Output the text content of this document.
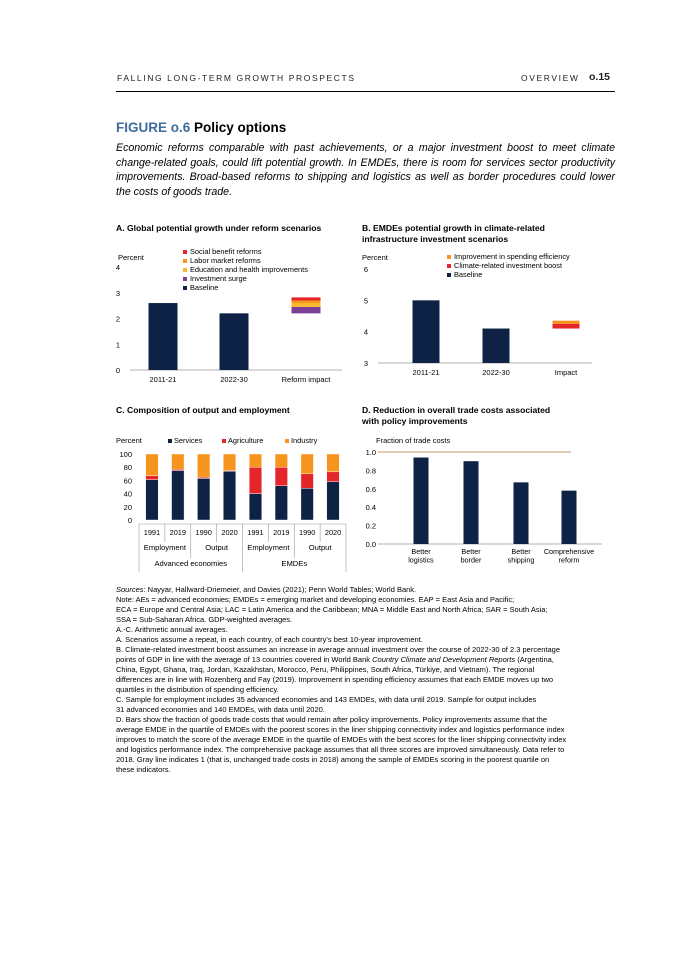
FALLING LONG-TERM GROWTH PROSPECTS	OVERVIEW o.15
FIGURE o.6 Policy options
Economic reforms comparable with past achievements, or a major investment boost to meet climate change-related goals, could lift potential growth. In EMDEs, there is room for services sector productivity improvements. Broad-based reforms to shipping and logistics as well as border procedures could lower the costs of goods trade.
A. Global potential growth under reform scenarios	B. EMDEs potential growth in climate-related
infrastructure investment scenarios
C. Composition of output and employment	D. Reduction in overall trade costs associated
with policy improvements
Percent
0
1
2
3
4
2011-21	2022-30	Reform impact
Social benefit reforms
Labor market reforms
Education and health improvements
Investment surge
Baseline
Percent
3
4
5
6
2011-21	2022-30	Impact
Improvement in spending efficiency
Climate-related investment boost
Baseline
Percent
0
20
40
60
80
100
Services	Agriculture	Industry
1991 2019 1990 2020 1991 2019 1990 2020
Employment	Output	Employment	Output
Advanced economies	EMDEs
Fraction of trade costs
0.0
0.2
0.4
0.6
0.8
1.0
Better
logistics
Better
border
Better
shipping
Comprehensive
reform

Sources: Nayyar, Hallward-Driemeier, and Davies (2021); Penn World Tables; World Bank.

Note: AEs = advanced economies; EMDEs = emerging market and developing economies. EAP = East Asia and Pacific;

ECA = Europe and Central Asia; LAC = Latin America and the Caribbean; MNA = Middle East and North Africa; SAR = South Asia;

SSA = Sub-Saharan Africa. GDP-weighted averages.

A.-C. Arithmetic annual averages.

A. Scenarios assume a repeat, in each country, of each country's best 10-year improvement.

B. Climate-related investment boost assumes an increase in average annual investment over the course of 2022-30 of 2.3 percentage

points of GDP in line with the average of 13 countries covered in World Bank Country Climate and Development Reports (Argentina,

China, Egypt, Ghana, Iraq, Jordan, Kazakhstan, Morocco, Peru, Philippines, South Africa, Türkiye, and Vietnam). The regional

differences are in line with Rozenberg and Fay (2019). Improvement in spending efficiency assumes that each EMDE moves up two

quartiles in the distribution of spending efficiency.

C. Sample for employment includes 35 advanced economies and 143 EMDEs, with data until 2019. Sample for output includes

31 advanced economies and 140 EMDEs, with data until 2020.

D. Bars show the fraction of goods trade costs that would remain after policy improvements. Policy improvements assume that the

average EMDE in the quartile of EMDEs with the poorest scores in the liner shipping connectivity index and logistics performance index

improves to match the score of the average EMDE in the quartile of EMDEs with the best scores for the liner shipping connectivity index

and logistics performance index. The comprehensive package assumes that all three scores are improved simultaneously. Data refer to

2018. Gray line indicates 1 (that is, unchanged trade costs in 2018) among the sample of EMDEs scoring in the poorest quartile on

these indicators.
